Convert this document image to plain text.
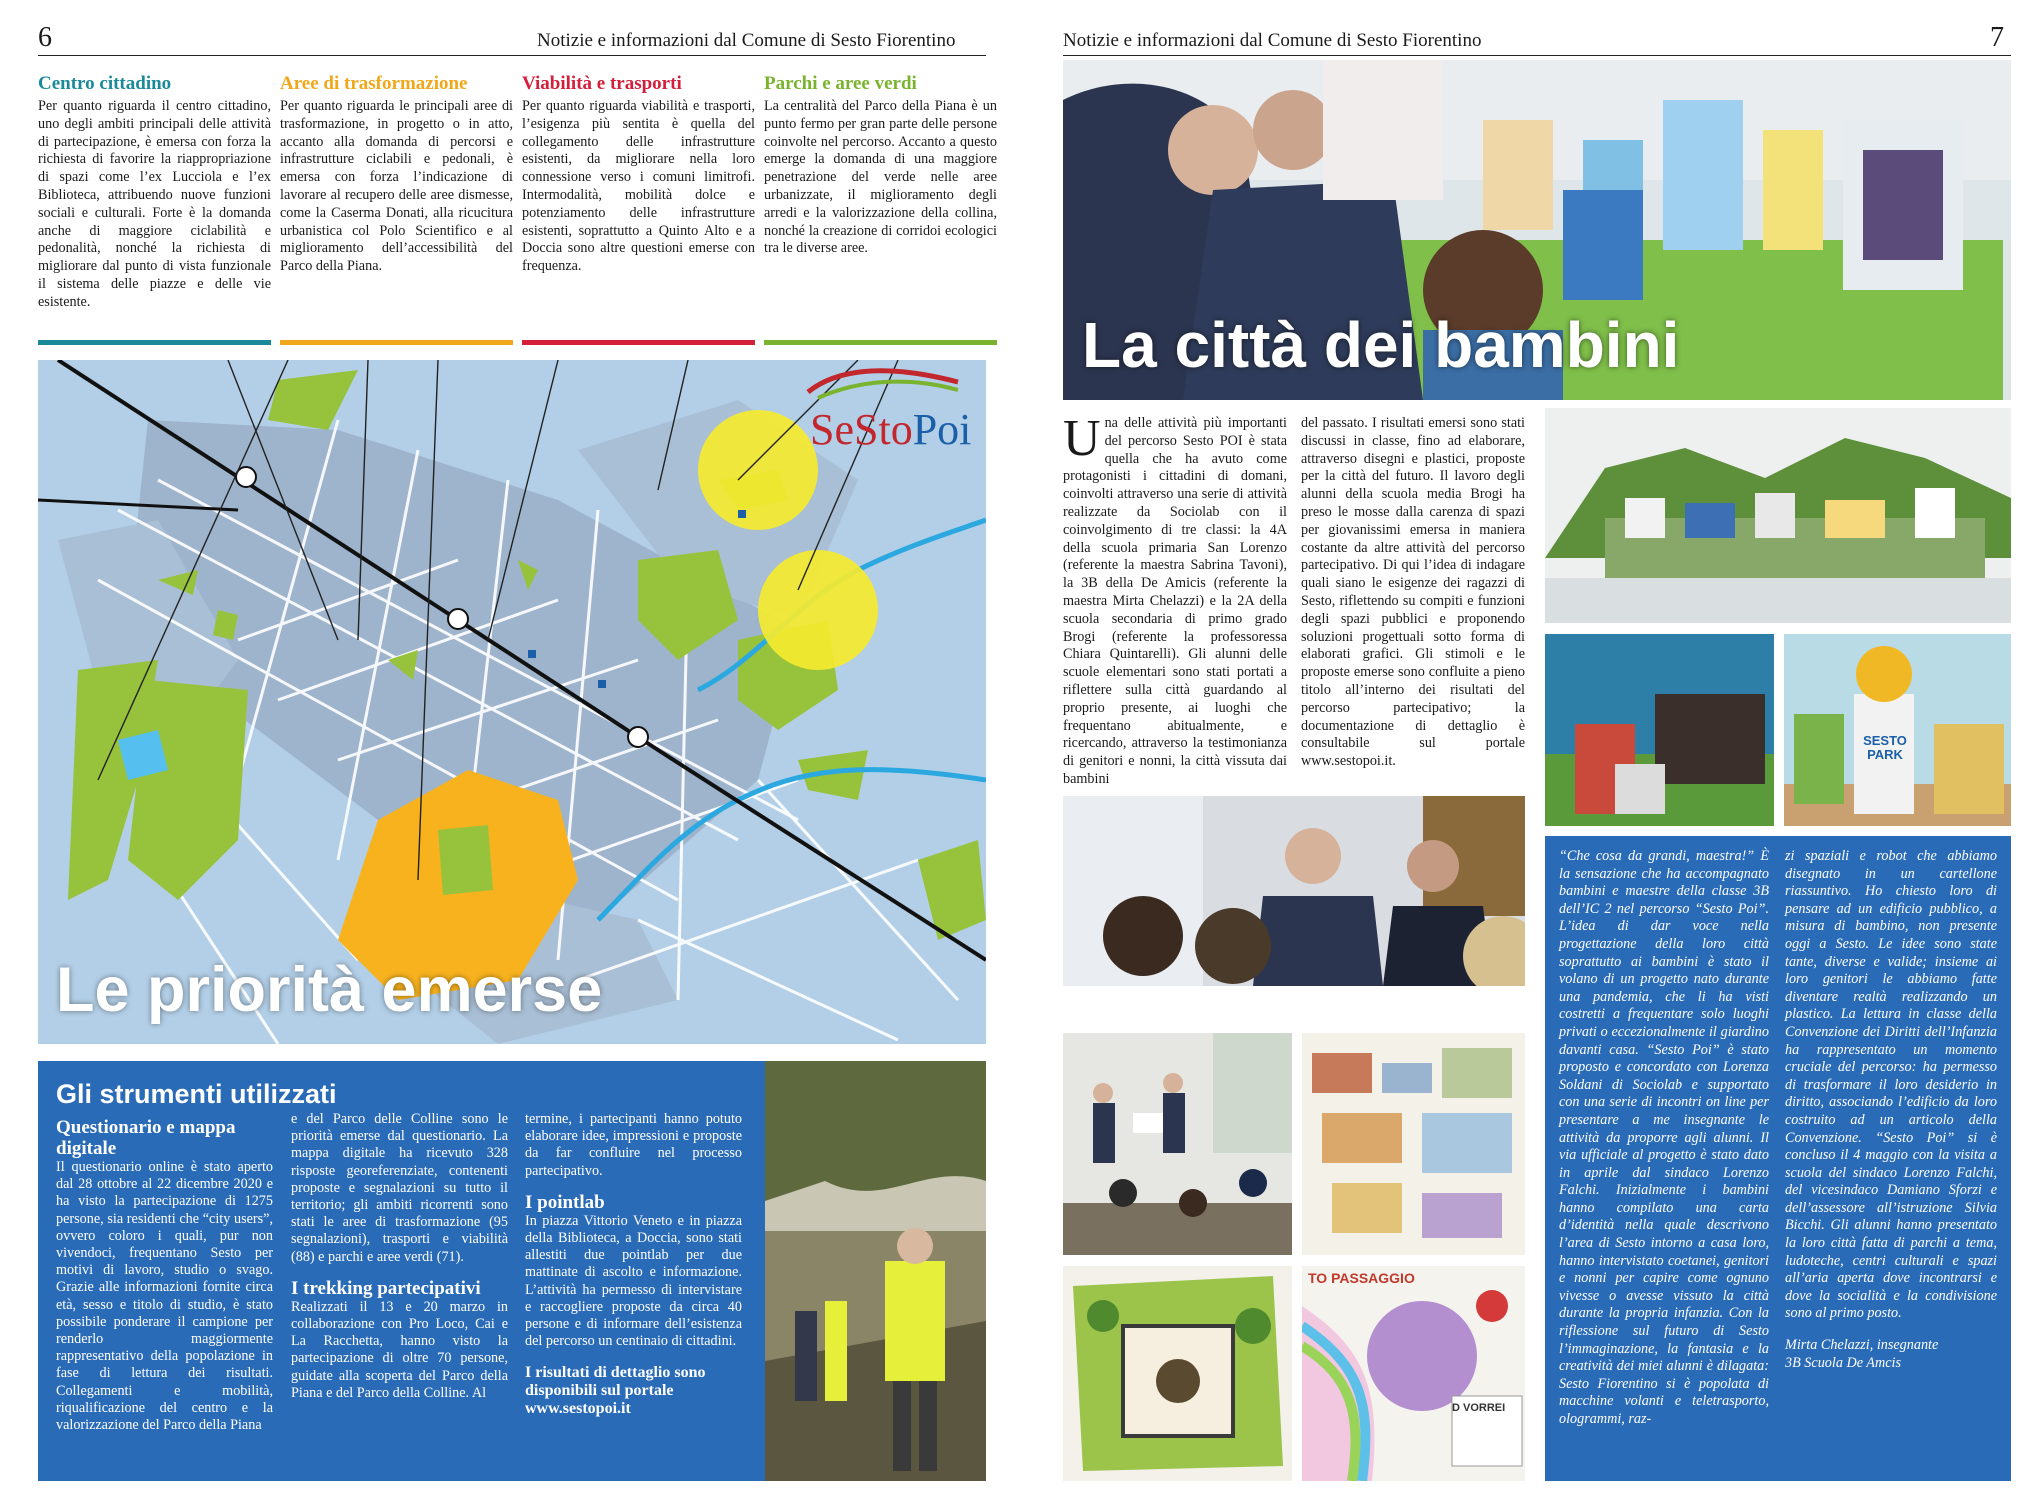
6	Notizie e informazioni dal Comune di Sesto Fiorentino
Centro cittadino

Per quanto riguarda il centro cittadino, uno degli ambiti principali delle attività di partecipazione, è emersa con forza la richiesta di favorire la riappropriazione di spazi come l’ex Lucciola e l’ex Biblioteca, attribuendo nuove funzioni sociali e culturali. Forte è la domanda anche di maggiore ciclabilità e pedonalità, nonché la richiesta di migliorare dal punto di vista funzionale il sistema delle piazze e delle vie esistente.

Aree di trasformazione

Per quanto riguarda le principali aree di trasformazione, in progetto o in atto, accanto alla domanda di percorsi e infrastrutture ciclabili e pedonali, è emersa con forza l’indicazione di lavorare al recupero delle aree dismesse, come la Caserma Donati, alla ricucitura urbanistica col Polo Scientifico e al miglioramento dell’accessibilità del Parco della Piana.

Viabilità e trasporti

Per quanto riguarda viabilità e trasporti, l’esigenza più sentita è quella del collegamento delle infrastrutture esistenti, da migliorare nella loro connessione verso i comuni limitrofi. Intermodalità, mobilità dolce e potenziamento delle infrastrutture esistenti, soprattutto a Quinto Alto e a Doccia sono altre questioni emerse con frequenza.

Parchi e aree verdi

La centralità del Parco della Piana è un punto fermo per gran parte delle persone coinvolte nel percorso. Accanto a questo emerge la domanda di una maggiore penetrazione del verde nelle aree urbanizzate, il miglioramento degli arredi e la valorizzazione della collina, nonché la creazione di corridoi ecologici tra le diverse aree.

SeStoPoi
Le priorità emerse
Gli strumenti utilizzati
Questionario e mappa digitale
Il questionario online è stato aperto dal 28 ottobre al 22 dicembre 2020 e ha visto la partecipazione di 1275 persone, sia residenti che “city users”, ovvero coloro i quali, pur non vivendoci, frequentano Sesto per motivi di lavoro, studio o svago. Grazie alle informazioni fornite circa età, sesso e titolo di studio, è stato possibile ponderare il campione per renderlo maggiormente rappresentativo della popolazione in fase di lettura dei risultati. Collegamenti e mobilità, riqualificazione del centro e la valorizzazione del Parco della Piana
e del Parco delle Colline sono le priorità emerse dal questionario. La mappa digitale ha ricevuto 328 risposte georeferenziate, contenenti proposte e segnalazioni su tutto il territorio; gli ambiti ricorrenti sono stati le aree di trasformazione (95 segnalazioni), trasporti e viabilità (88) e parchi e aree verdi (71).
I trekking partecipativi
Realizzati il 13 e 20 marzo in collaborazione con Pro Loco, Cai e La Racchetta, hanno visto la partecipazione di oltre 70 persone, guidate alla scoperta del Parco della Piana e del Parco della Colline. Al
termine, i partecipanti hanno potuto elaborare idee, impressioni e proposte da far confluire nel processo partecipativo.
I pointlab
In piazza Vittorio Veneto e in piazza della Biblioteca, a Doccia, sono stati allestiti due pointlab per due mattinate di ascolto e informazione. L’attività ha permesso di intervistare e raccogliere proposte da circa 40 persone e di informare dell’esistenza del percorso un centinaio di cittadini.
I risultati di dettaglio sono disponibili sul portale www.sestopoi.it
Notizie e informazioni dal Comune di Sesto Fiorentino	7
La città dei bambini
Una delle attività più importanti del percorso Sesto POI è stata quella che ha avuto come protagonisti i cittadini di domani, coinvolti attraverso una serie di attività realizzate da Sociolab con il coinvolgimento di tre classi: la 4A della scuola primaria San Lorenzo (referente la maestra Sabrina Tavoni), la 3B della De Amicis (referente la maestra Mirta Chelazzi) e la 2A della scuola secondaria di primo grado Brogi (referente la professoressa Chiara Quintarelli). Gli alunni delle scuole elementari sono stati portati a riflettere sulla città guardando al proprio presente, ai luoghi che frequentano abitualmente, e ricercando, attraverso la testimonianza di genitori e nonni, la città vissuta dai bambini
del passato. I risultati emersi sono stati discussi in classe, fino ad elaborare, attraverso disegni e plastici, proposte per la città del futuro. Il lavoro degli alunni della scuola media Brogi ha preso le mosse dalla carenza di spazi per giovanissimi emersa in maniera costante da altre attività del percorso partecipativo. Di qui l’idea di indagare quali siano le esigenze dei ragazzi di Sesto, riflettendo su compiti e funzioni degli spazi pubblici e proponendo soluzioni progettuali sotto forma di elaborati grafici. Gli stimoli e le proposte emerse sono confluite a pieno titolo all’interno dei risultati del percorso partecipativo; la documentazione di dettaglio è consultabile sul portale www.sestopoi.it.
SESTO PARK
TO PASSAGGIO
D VORREI
“Che cosa da grandi, maestra!” È la sensazione che ha accompagnato bambini e maestre della classe 3B dell’IC 2 nel percorso “Sesto Poi”. L’idea di dar voce nella progettazione della loro città soprattutto ai bambini è stato il volano di un progetto nato durante una pandemia, che li ha visti costretti a frequentare solo luoghi privati o eccezionalmente il giardino davanti casa. “Sesto Poi” è stato proposto e concordato con Lorenza Soldani di Sociolab e supportato con una serie di incontri on line per presentare a me insegnante le attività da proporre agli alunni. Il via ufficiale al progetto è stato dato in aprile dal sindaco Lorenzo Falchi. Inizialmente i bambini hanno compilato una carta d’identità nella quale descrivono l’area di Sesto intorno a casa loro, hanno intervistato coetanei, genitori e nonni per capire come ognuno vivesse o avesse vissuto la città durante la propria infanzia. Con la riflessione sul futuro di Sesto l’immaginazione, la fantasia e la creatività dei miei alunni è dilagata: Sesto Fiorentino si è popolata di macchine volanti e teletrasporto, ologrammi, raz-
zi spaziali e robot che abbiamo disegnato in un cartellone riassuntivo. Ho chiesto loro di pensare ad un edificio pubblico, a misura di bambino, non presente oggi a Sesto. Le idee sono state tante, diverse e valide; insieme ai loro genitori le abbiamo fatte diventare realtà realizzando un plastico. La lettura in classe della Convenzione dei Diritti dell’Infanzia ha rappresentato un momento cruciale del percorso: ha permesso di trasformare il loro desiderio in diritto, associando l’edificio da loro costruito ad un articolo della Convenzione. “Sesto Poi” si è concluso il 4 maggio con la visita a scuola del sindaco Lorenzo Falchi, del vicesindaco Damiano Sforzi e dell’assessore all’istruzione Silvia Bicchi. Gli alunni hanno presentato la loro città fatta di parchi a tema, ludoteche, centri culturali e spazi all’aria aperta dove incontrarsi e dove la socialità e la condivisione sono al primo posto.
Mirta Chelazzi, insegnante
3B Scuola De Amcis
